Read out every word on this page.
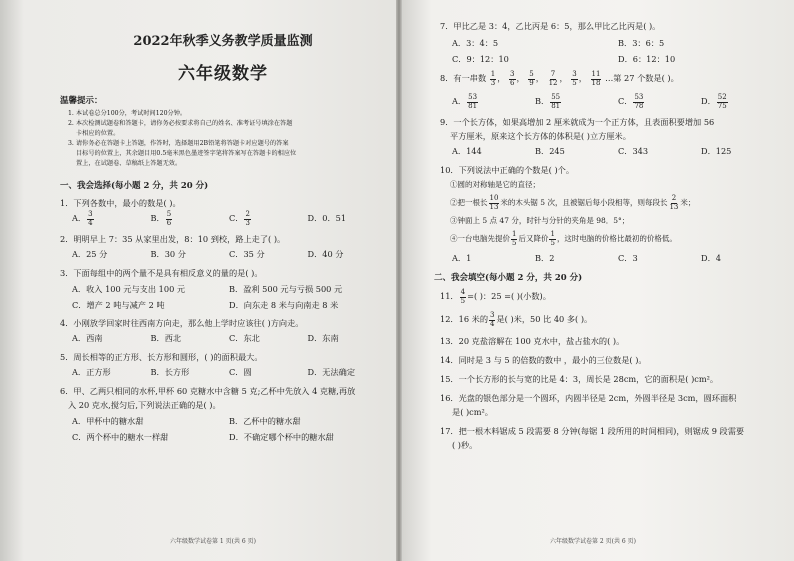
2022年秋季义务教学质量监测
六年级数学
温馨提示：
1. 本试卷总分100分，考试时间120分钟。
2. 本次检测试题卷和答题卡，请你务必按要求将自己的姓名、准考证号填涂在答题
卡相应的位置。
3. 请你务必在答题卡上答题，作答时，选择题用2B铅笔将答题卡对应题号的答案
目标号的位置上，其余题目用0.5毫米黑色墨迹签字笔将答案写在答题卡的相应位
置上，在试题卷、草稿纸上答题无效。
一、我会选择(每小题 2 分，共 20 分)
1．下列各数中，最小的数是( )。
A． $\frac{3}{4}$	B． $\frac{5}{6}$	C． $\frac{2}{3}$	D．0．51
2．明明早上 7：35 从家里出发，8：10 到校，路上走了( )。
A．25 分	B．30 分	C．35 分	D．40 分
3．下面每组中的两个量不是具有相反意义的量的是( )。
A．收入 100 元与支出 100 元	B．盈利 500 元与亏损 500 元
C．增产 2 吨与减产 2 吨	D．向东走 8 米与向南走 8 米
4．小刚放学回家时往西南方向走，那么他上学时应该往( )方向走。
A．西南	B．西北	C．东北	D．东南
5．周长相等的正方形、长方形和圆形，( )的面积最大。
A．正方形	B．长方形	C．圆	D．无法确定
6．甲、乙两只相同的水杯,甲杯 60 克糖水中含糖 5 克;乙杯中先放入 4 克糖,再放
入 20 克水,搅匀后,下列说法正确的是( )。
A．甲杯中的糖水甜	B．乙杯中的糖水甜
C．两个杯中的糖水一样甜	D．不确定哪个杯中的糖水甜
六年级数学试卷第 1 页(共 6 页)
7．甲比乙是 3：4，乙比丙是 6：5，那么甲比乙比丙是( )。
A．3：4：5	B．3：6：5
C．9：12：10	D．6：12：10
8．有一串数 $\frac{1}{3}$ ， $\frac{3}{6}$ ， $\frac{5}{9}$ ， $\frac{7}{12}$ ， $\frac{3}{5}$ ， $\frac{11}{18}$ …第 27 个数是( )。
A． $\frac{53}{81}$	B． $\frac{55}{81}$	C． $\frac{53}{78}$	D． $\frac{52}{75}$
9．一个长方体，如果高增加 2 厘米就成为一个正方体，且表面积要增加 56
平方厘米，原来这个长方体的体积是( )立方厘米。
A．144	B．245	C．343	D．125
10．下列说法中正确的个数是( )个。
①圆的对称轴是它的直径；
②把一根长 $\frac{10}{13}$ 米的木头锯 5 次，且被锯后每小段相等，则每段长 $\frac{2}{13}$ 米；
③钟面上 5 点 47 分，时针与分针的夹角是 98．5°；
④一台电脑先提价 $\frac{1}{5}$ 后又降价 $\frac{1}{5}$ ，这时电脑的价格比最初的价格低。
A．1	B．2	C．3	D．4
二、我会填空(每小题 2 分，共 20 分)
11． $\frac{4}{5}$ =( )：25 =( )(小数)。
12．16 米的 $\frac{3}{4}$ 是( )米，50 比 40 多( )。
13．20 克盐溶解在 100 克水中，盐占盐水的( )。
14．同时是 3 与 5 的倍数的数中 ，最小的三位数是( )。
15．一个长方形的长与宽的比是 4：3，周长是 28cm，它的面积是( )cm²。
16．光盘的银色部分是一个圆环，内圆半径是 2cm，外圆半径是 3cm，圆环面积
是( )cm²。
17．把一根木料锯成 5 段需要 8 分钟(每锯 1 段所用的时间相同)，则锯成 9 段需要
( )秒。
六年级数学试卷第 2 页(共 6 页)
